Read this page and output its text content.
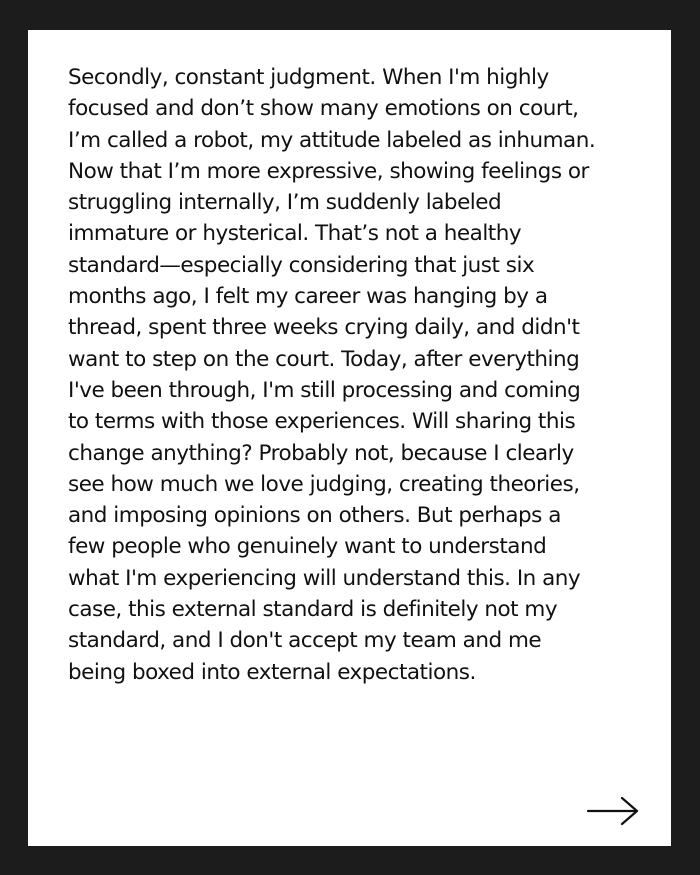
Secondly, constant judgment. When I'm highly
focused and don’t show many emotions on court,
I’m called a robot, my attitude labeled as inhuman.
Now that I’m more expressive, showing feelings or
struggling internally, I’m suddenly labeled
immature or hysterical. That’s not a healthy
standard—especially considering that just six
months ago, I felt my career was hanging by a
thread, spent three weeks crying daily, and didn't
want to step on the court. Today, after everything
I've been through, I'm still processing and coming
to terms with those experiences. Will sharing this
change anything? Probably not, because I clearly
see how much we love judging, creating theories,
and imposing opinions on others. But perhaps a
few people who genuinely want to understand
what I'm experiencing will understand this. In any
case, this external standard is definitely not my
standard, and I don't accept my team and me
being boxed into external expectations.
